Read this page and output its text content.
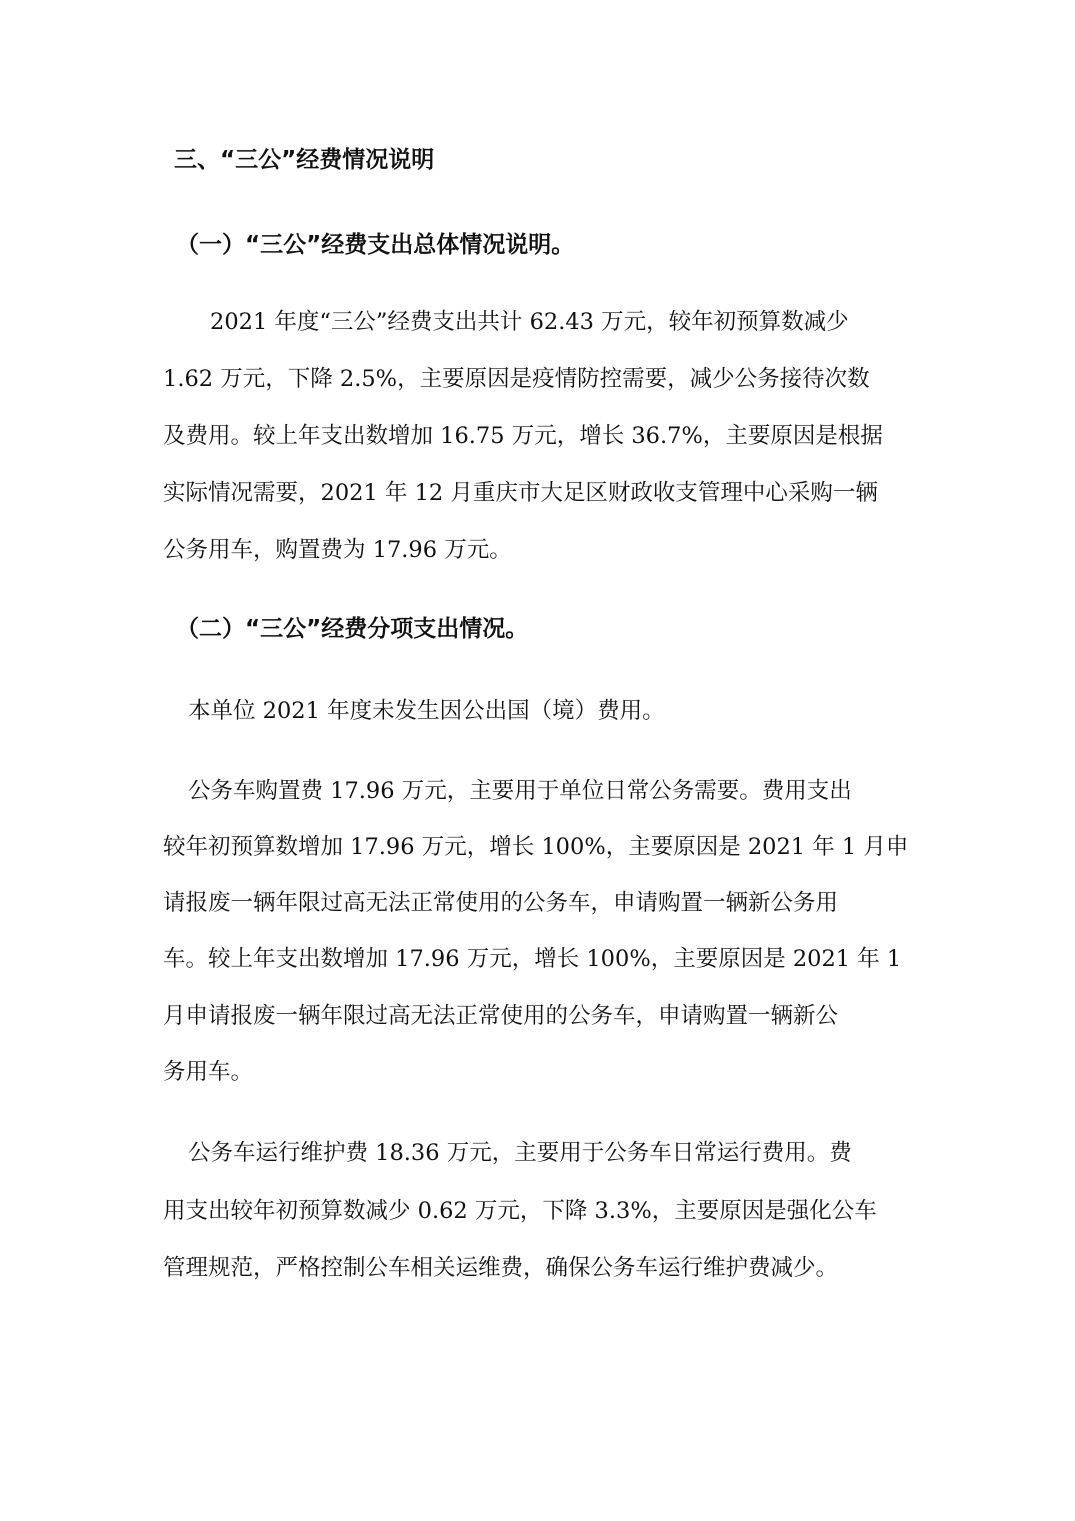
三、“三公”经费情况说明
（一）“三公”经费支出总体情况说明。

2021 年度“三公”经费支出共计 62.43 万元，较年初预算数减少

1.62 万元，下降 2.5%，主要原因是疫情防控需要，减少公务接待次数

及费用。较上年支出数增加 16.75 万元，增长 36.7%，主要原因是根据

实际情况需要，2021 年 12 月重庆市大足区财政收支管理中心采购一辆

公务用车，购置费为 17.96 万元。

（二）“三公”经费分项支出情况。

本单位 2021 年度未发生因公出国（境）费用。

公务车购置费 17.96 万元，主要用于单位日常公务需要。费用支出

较年初预算数增加 17.96 万元，增长 100%，主要原因是 2021 年 1 月申

请报废一辆年限过高无法正常使用的公务车，申请购置一辆新公务用

车。较上年支出数增加 17.96 万元，增长 100%，主要原因是 2021 年 1

月申请报废一辆年限过高无法正常使用的公务车，申请购置一辆新公

务用车。

公务车运行维护费 18.36 万元，主要用于公务车日常运行费用。费

用支出较年初预算数减少 0.62 万元，下降 3.3%，主要原因是强化公车

管理规范，严格控制公车相关运维费，确保公务车运行维护费减少。
